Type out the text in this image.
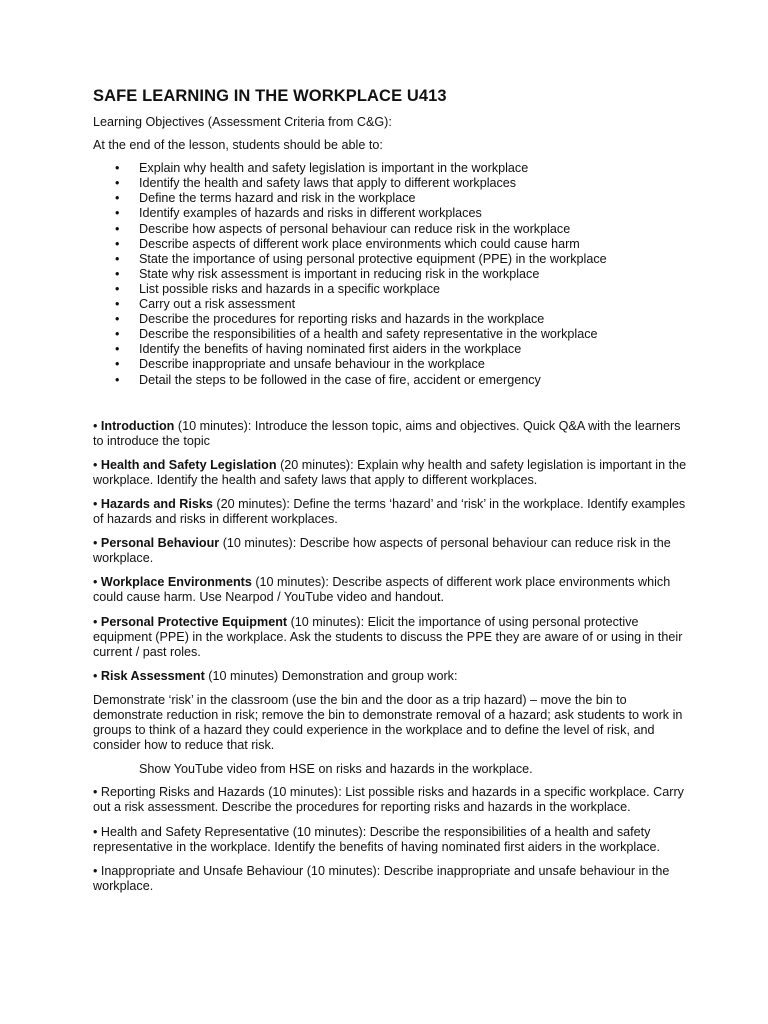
SAFE LEARNING IN THE WORKPLACE U413

Learning Objectives (Assessment Criteria from C&G):

At the end of the lesson, students should be able to:

• Explain why health and safety legislation is important in the workplace
• Identify the health and safety laws that apply to different workplaces
• Define the terms hazard and risk in the workplace
• Identify examples of hazards and risks in different workplaces
• Describe how aspects of personal behaviour can reduce risk in the workplace
• Describe aspects of different work place environments which could cause harm
• State the importance of using personal protective equipment (PPE) in the workplace
• State why risk assessment is important in reducing risk in the workplace
• List possible risks and hazards in a specific workplace
• Carry out a risk assessment
• Describe the procedures for reporting risks and hazards in the workplace
• Describe the responsibilities of a health and safety representative in the workplace
• Identify the benefits of having nominated first aiders in the workplace
• Describe inappropriate and unsafe behaviour in the workplace
• Detail the steps to be followed in the case of fire, accident or emergency

• Introduction (10 minutes): Introduce the lesson topic, aims and objectives. Quick Q&A with the learners to introduce the topic

• Health and Safety Legislation (20 minutes): Explain why health and safety legislation is important in the workplace. Identify the health and safety laws that apply to different workplaces.

• Hazards and Risks (20 minutes): Define the terms ‘hazard’ and ‘risk’ in the workplace. Identify examples of hazards and risks in different workplaces.

• Personal Behaviour (10 minutes): Describe how aspects of personal behaviour can reduce risk in the workplace.

• Workplace Environments (10 minutes): Describe aspects of different work place environments which could cause harm. Use Nearpod / YouTube video and handout.

• Personal Protective Equipment (10 minutes): Elicit the importance of using personal protective equipment (PPE) in the workplace. Ask the students to discuss the PPE they are aware of or using in their current / past roles.

• Risk Assessment (10 minutes) Demonstration and group work:

Demonstrate ‘risk’ in the classroom (use the bin and the door as a trip hazard) – move the bin to demonstrate reduction in risk; remove the bin to demonstrate removal of a hazard; ask students to work in groups to think of a hazard they could experience in the workplace and to define the level of risk, and consider how to reduce that risk.

Show YouTube video from HSE on risks and hazards in the workplace.

• Reporting Risks and Hazards (10 minutes): List possible risks and hazards in a specific workplace. Carry out a risk assessment. Describe the procedures for reporting risks and hazards in the workplace.

• Health and Safety Representative (10 minutes): Describe the responsibilities of a health and safety representative in the workplace. Identify the benefits of having nominated first aiders in the workplace.

• Inappropriate and Unsafe Behaviour (10 minutes): Describe inappropriate and unsafe behaviour in the workplace.
